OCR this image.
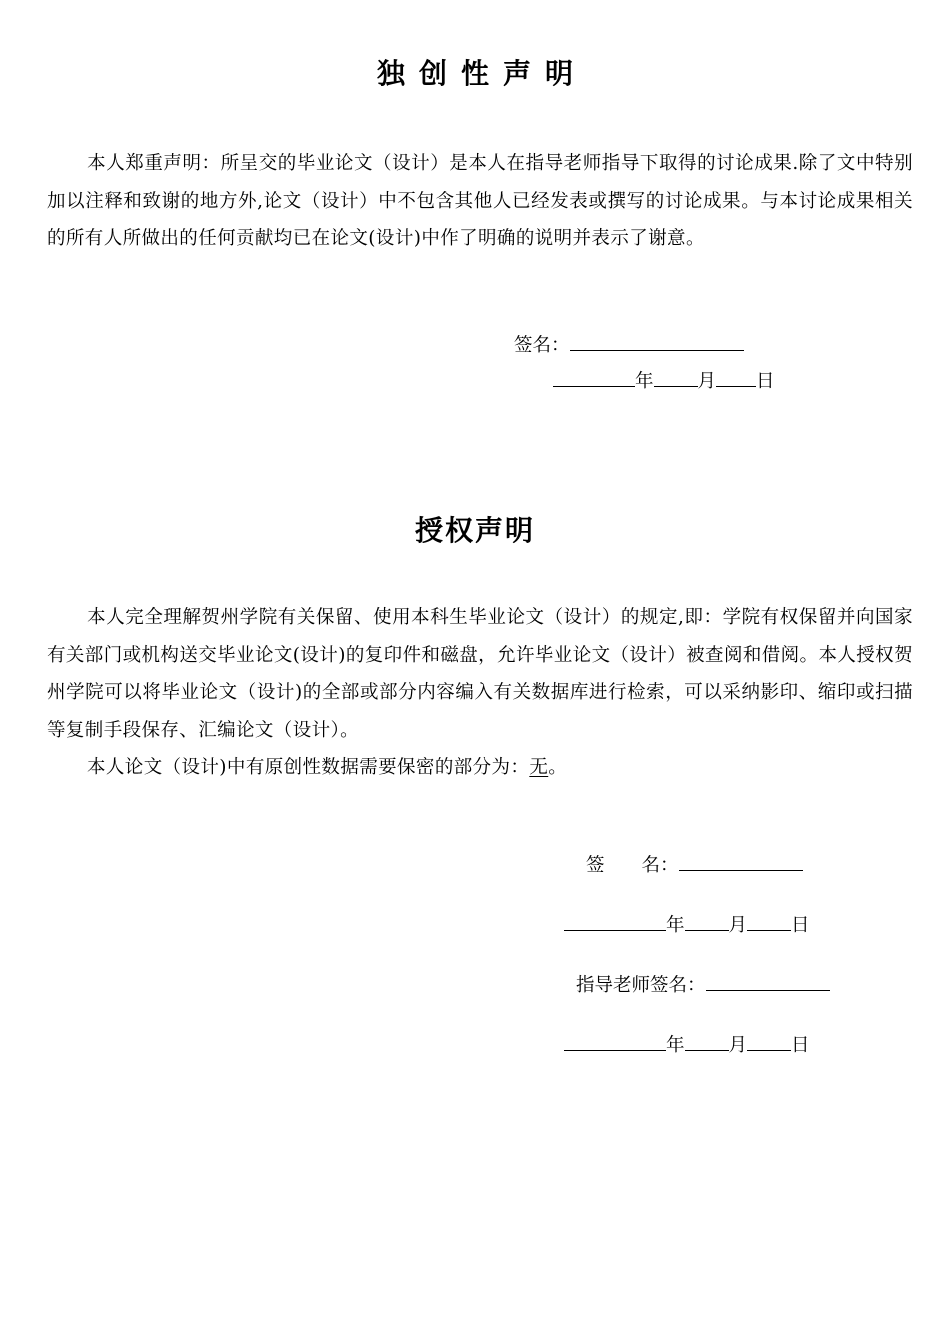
独创性声明

本人郑重声明：所呈交的毕业论文（设计）是本人在指导老师指导下取得的讨论成果.除了文中特别加以注释和致谢的地方外,论文（设计）中不包含其他人已经发表或撰写的讨论成果。与本讨论成果相关的所有人所做出的任何贡献均已在论文(设计)中作了明确的说明并表示了谢意。

签名：
年 月 日
授权声明

本人完全理解贺州学院有关保留、使用本科生毕业论文（设计）的规定,即：学院有权保留并向国家有关部门或机构送交毕业论文(设计)的复印件和磁盘，允许毕业论文（设计）被查阅和借阅。本人授权贺州学院可以将毕业论文（设计)的全部或部分内容编入有关数据库进行检索，可以采纳影印、缩印或扫描等复制手段保存、汇编论文（设计）。

本人论文（设计)中有原创性数据需要保密的部分为：无。

签　　名：
年 月 日
指导老师签名：
年 月 日
